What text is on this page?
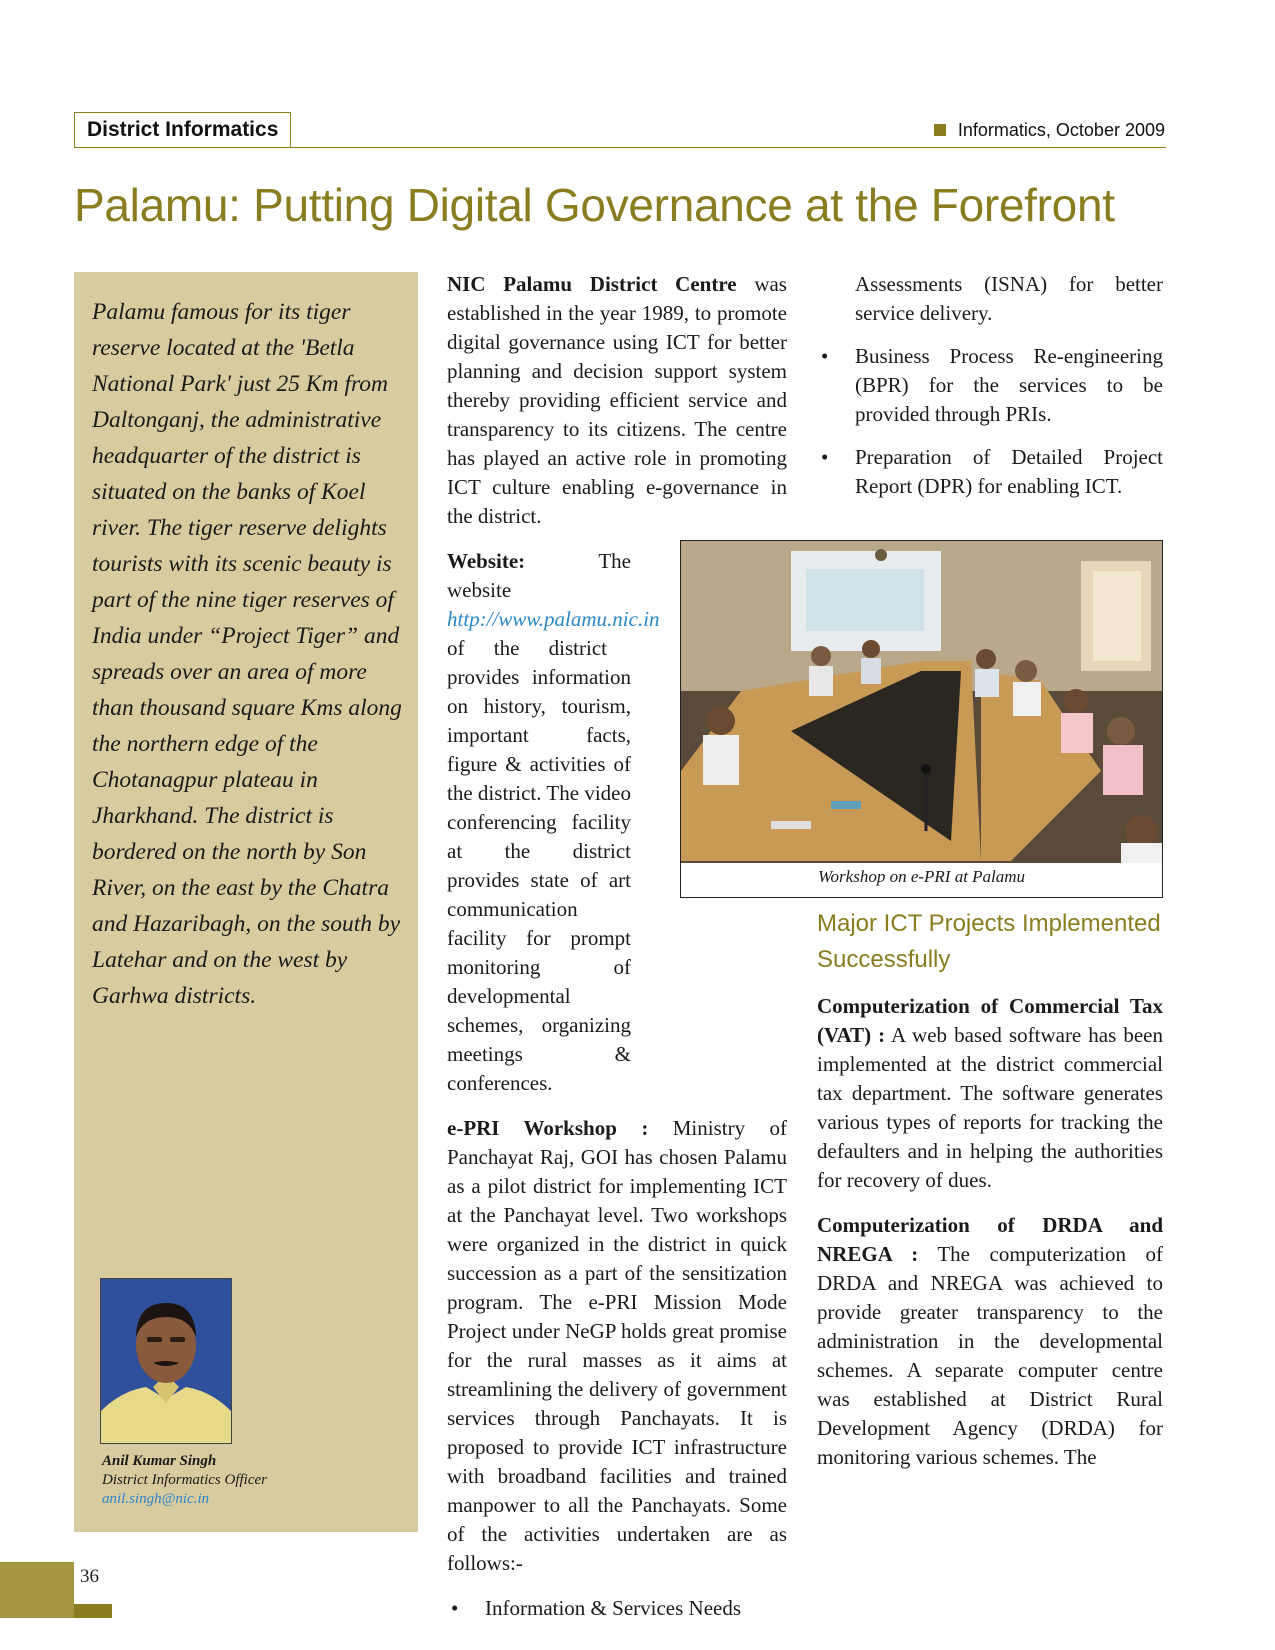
District Informatics	Informatics, October 2009
Palamu: Putting Digital Governance at the Forefront
Palamu famous for its tiger reserve located at the 'Betla National Park' just 25 Km from Daltonganj, the administrative headquarter of the district is situated on the banks of Koel river. The tiger reserve delights tourists with its scenic beauty is part of the nine tiger reserves of India under “Project Tiger” and spreads over an area of more than thousand square Kms along the northern edge of the Chotanagpur plateau in Jharkhand. The district is bordered on the north by Son River, on the east by the Chatra and Hazaribagh, on the south by Latehar and on the west by Garhwa districts.
Anil Kumar Singh
District Informatics Officer
anil.singh@nic.in

NIC Palamu District Centre was established in the year 1989, to promote digital governance using ICT for better planning and decision support system thereby providing efficient service and transparency to its citizens. The centre has played an active role in promoting ICT culture enabling e-governance in the district.

Website: The website http://www.palamu.nic.in of the district provides information on history, tourism, important facts, figure & activities of the district. The video conferencing facility at the district provides state of art communication facility for prompt monitoring of developmental schemes, organizing meetings & conferences.

e-PRI Workshop : Ministry of Panchayat Raj, GOI has chosen Palamu as a pilot district for implementing ICT at the Panchayat level. Two workshops were organized in the district in quick succession as a part of the sensitization program. The e-PRI Mission Mode Project under NeGP holds great promise for the rural masses as it aims at streamlining the delivery of government services through Panchayats. It is proposed to provide ICT infrastructure with broadband facilities and trained manpower to all the Panchayats. Some of the activities undertaken are as follows:-

• Information & Services Needs
Workshop on e-PRI at Palamu

Assessments (ISNA) for better service delivery.

• Business Process Re-engineering (BPR) for the services to be provided through PRIs.
• Preparation of Detailed Project Report (DPR) for enabling ICT.
Major ICT Projects Implemented Successfully

Computerization of Commercial Tax (VAT) : A web based software has been implemented at the district commercial tax department. The software generates various types of reports for tracking the defaulters and in helping the authorities for recovery of dues.

Computerization of DRDA and NREGA : The computerization of DRDA and NREGA was achieved to provide greater transparency to the administration in the developmental schemes. A separate computer centre was established at District Rural Development Agency (DRDA) for monitoring various schemes. The

36
